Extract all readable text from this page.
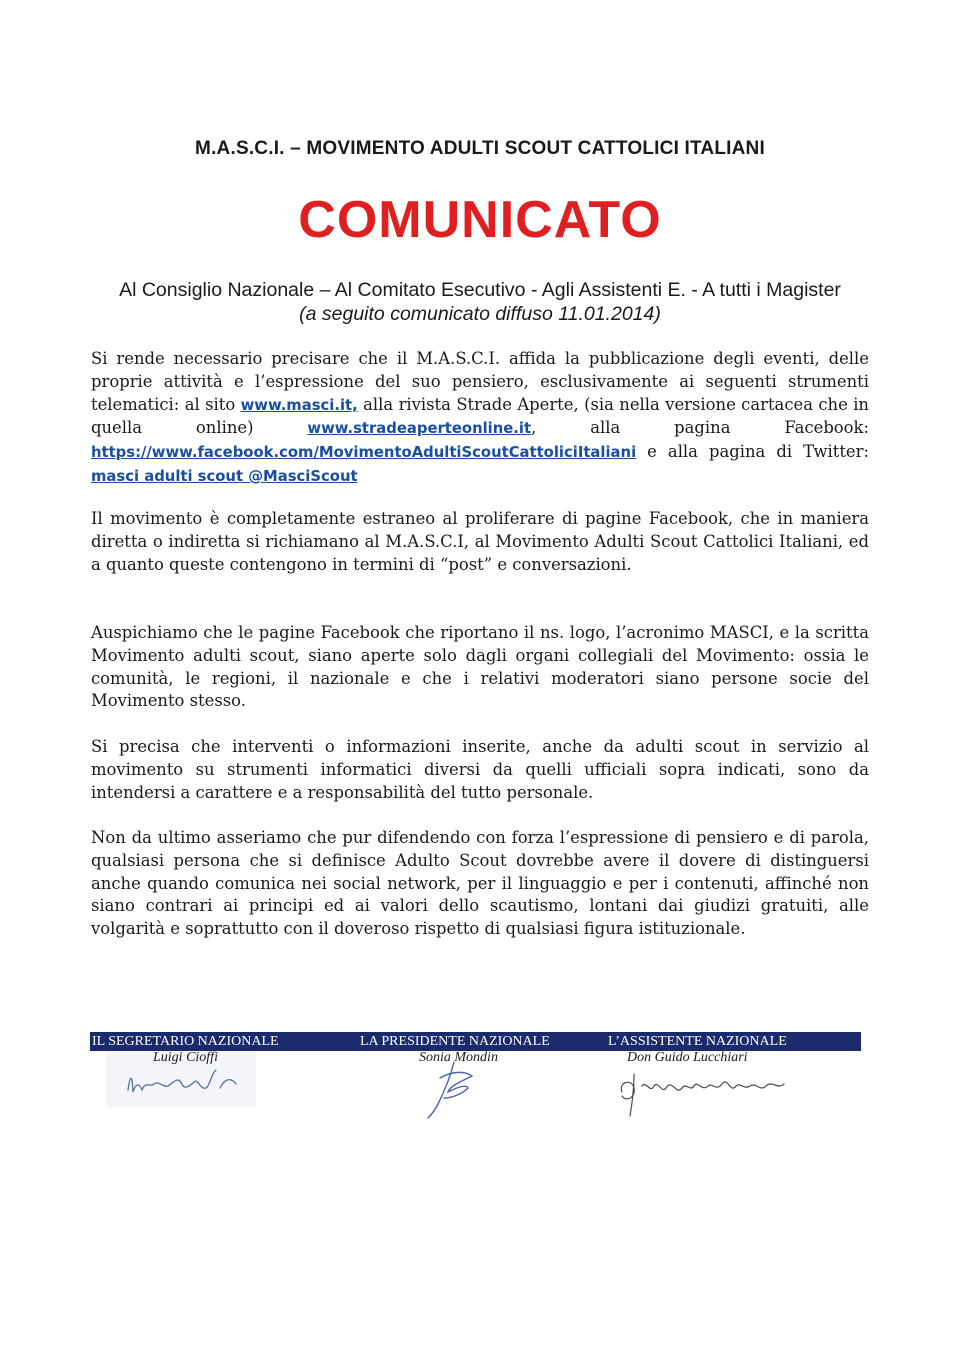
M.A.S.C.I. – MOVIMENTO ADULTI SCOUT CATTOLICI ITALIANI
COMUNICATO
Al Consiglio Nazionale – Al Comitato Esecutivo - Agli Assistenti E. - A tutti i Magister
(a seguito comunicato diffuso 11.01.2014)

Si rende necessario precisare che il M.A.S.C.I. affida la pubblicazione degli eventi, delle proprie attività e l’espressione del suo pensiero, esclusivamente ai seguenti strumenti telematici: al sito www.masci.it, alla rivista Strade Aperte, (sia nella versione cartacea che in quella online) www.stradeaperteonline.it, alla pagina Facebook: https://www.facebook.com/MovimentoAdultiScoutCattoliciItaliani e alla pagina di Twitter: masci adulti scout @MasciScout

Il movimento è completamente estraneo al proliferare di pagine Facebook, che in maniera diretta o indiretta si richiamano al M.A.S.C.I, al Movimento Adulti Scout Cattolici Italiani, ed a quanto queste contengono in termini di “post” e conversazioni.

Auspichiamo che le pagine Facebook che riportano il ns. logo, l’acronimo MASCI, e la scritta Movimento adulti scout, siano aperte solo dagli organi collegiali del Movimento: ossia le comunità, le regioni, il nazionale e che i relativi moderatori siano persone socie del Movimento stesso.

Si precisa che interventi o informazioni inserite, anche da adulti scout in servizio al movimento su strumenti informatici diversi da quelli ufficiali sopra indicati, sono da intendersi a carattere e a responsabilità del tutto personale.

Non da ultimo asseriamo che pur difendendo con forza l’espressione di pensiero e di parola, qualsiasi persona che si definisce Adulto Scout dovrebbe avere il dovere di distinguersi anche quando comunica nei social network, per il linguaggio e per i contenuti, affinché non siano contrari ai principi ed ai valori dello scautismo, lontani dai giudizi gratuiti, alle volgarità e soprattutto con il doveroso rispetto di qualsiasi figura istituzionale.

IL SEGRETARIO NAZIONALE	LA PRESIDENTE NAZIONALE	L’ASSISTENTE NAZIONALE
Luigi Cioffi	Sonia Mondin	Don Guido Lucchiari
